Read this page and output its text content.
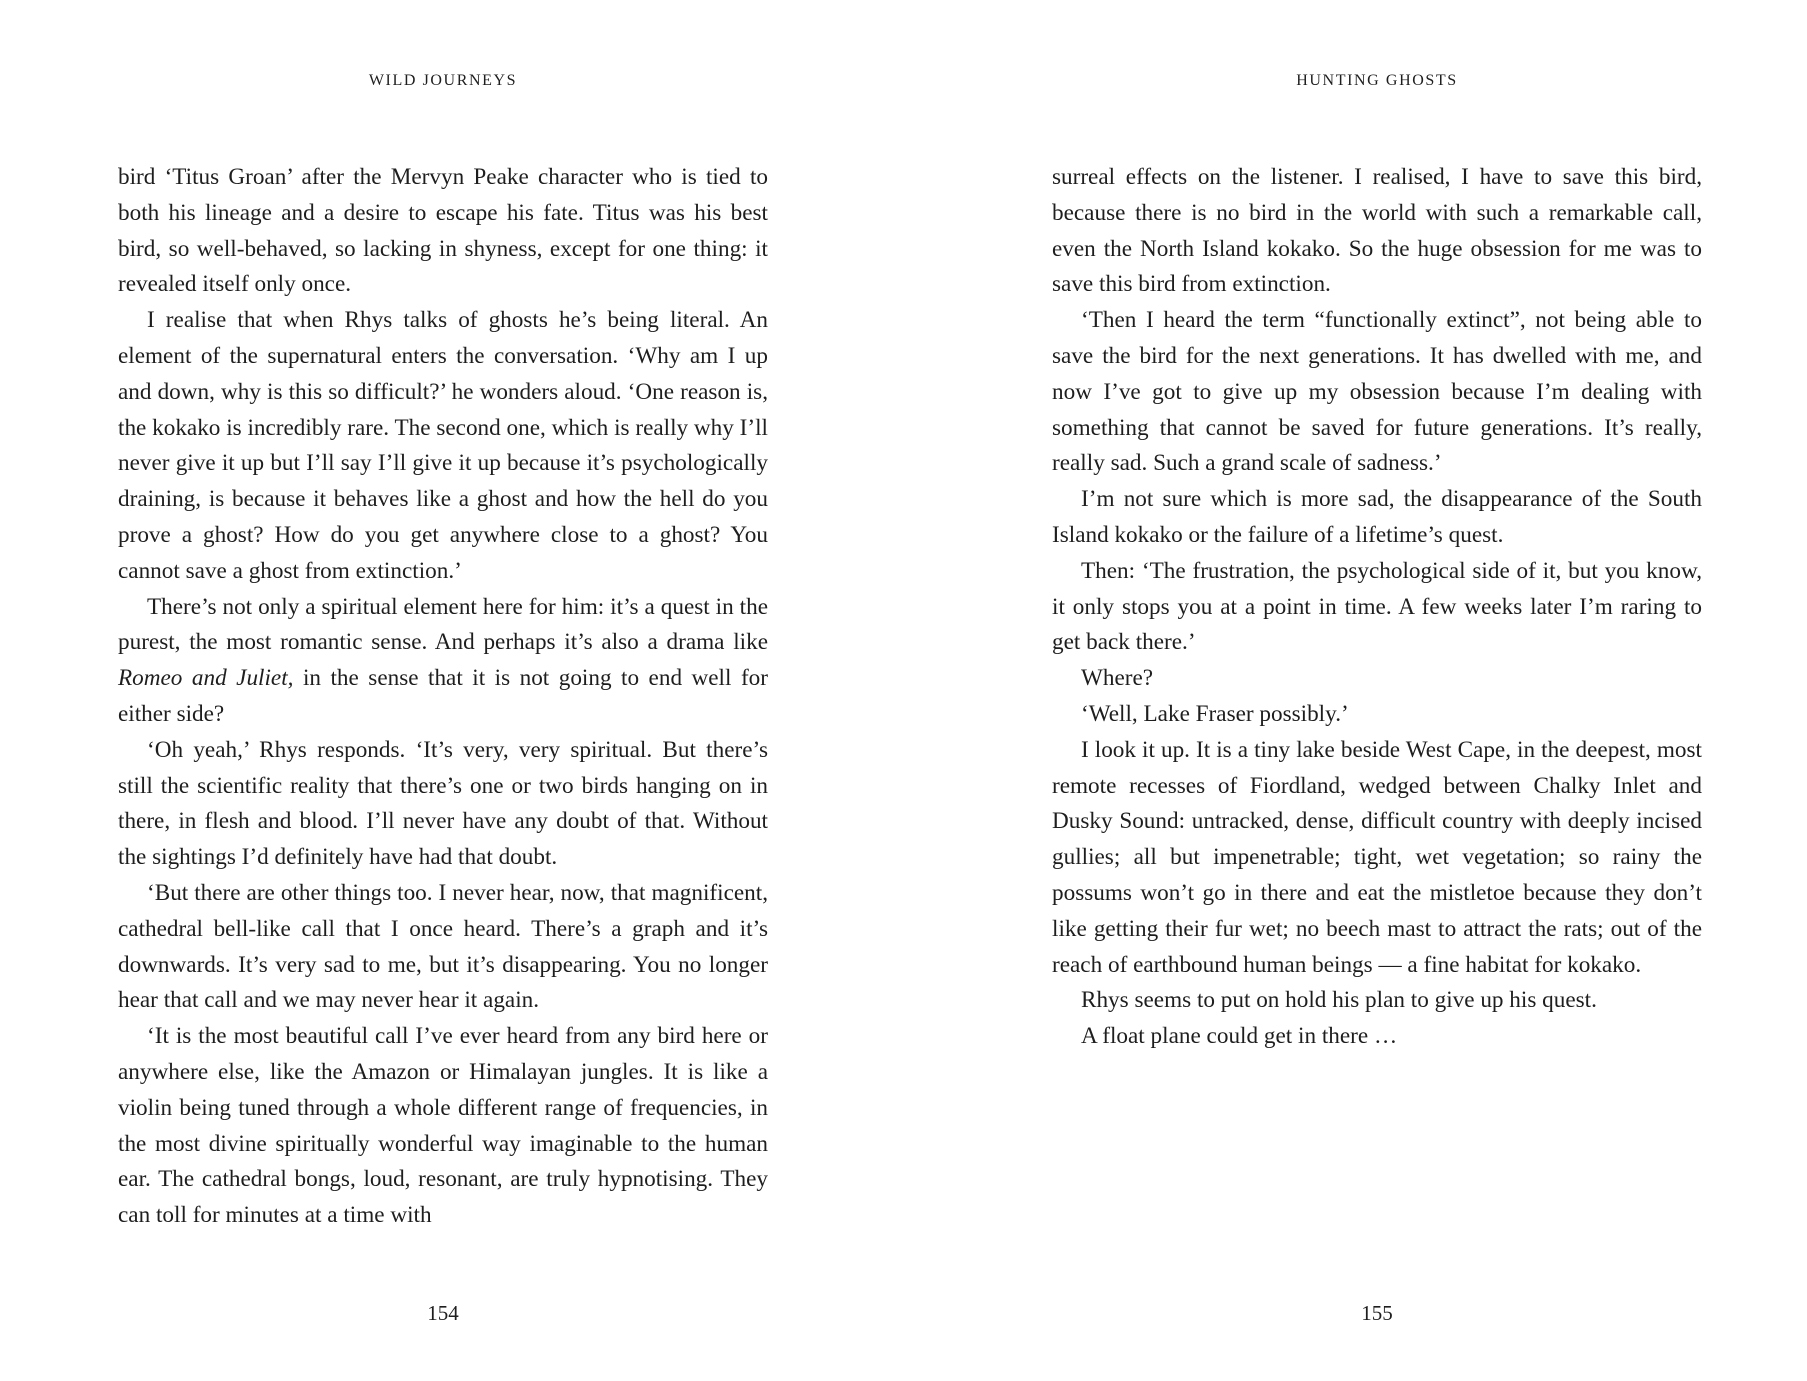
WILD JOURNEYS

bird ‘Titus Groan’ after the Mervyn Peake character who is tied to both his lineage and a desire to escape his fate. Titus was his best bird, so well-behaved, so lacking in shyness, except for one thing: it revealed itself only once.

I realise that when Rhys talks of ghosts he’s being literal. An element of the supernatural enters the conversation. ‘Why am I up and down, why is this so difficult?’ he wonders aloud. ‘One reason is, the kokako is incredibly rare. The second one, which is really why I’ll never give it up but I’ll say I’ll give it up because it’s psychologically draining, is because it behaves like a ghost and how the hell do you prove a ghost? How do you get anywhere close to a ghost? You cannot save a ghost from extinction.’

There’s not only a spiritual element here for him: it’s a quest in the purest, the most romantic sense. And perhaps it’s also a drama like Romeo and Juliet, in the sense that it is not going to end well for either side?

‘Oh yeah,’ Rhys responds. ‘It’s very, very spiritual. But there’s still the scientific reality that there’s one or two birds hanging on in there, in flesh and blood. I’ll never have any doubt of that. Without the sightings I’d definitely have had that doubt.

‘But there are other things too. I never hear, now, that magnificent, cathedral bell-like call that I once heard. There’s a graph and it’s downwards. It’s very sad to me, but it’s disappearing. You no longer hear that call and we may never hear it again.

‘It is the most beautiful call I’ve ever heard from any bird here or anywhere else, like the Amazon or Himalayan jungles. It is like a violin being tuned through a whole different range of frequencies, in the most divine spiritually wonderful way imaginable to the human ear. The cathedral bongs, loud, resonant, are truly hypnotising. They can toll for minutes at a time with

154
HUNTING GHOSTS

surreal effects on the listener. I realised, I have to save this bird, because there is no bird in the world with such a remarkable call, even the North Island kokako. So the huge obsession for me was to save this bird from extinction.

‘Then I heard the term “functionally extinct”, not being able to save the bird for the next generations. It has dwelled with me, and now I’ve got to give up my obsession because I’m dealing with something that cannot be saved for future generations. It’s really, really sad. Such a grand scale of sadness.’

I’m not sure which is more sad, the disappearance of the South Island kokako or the failure of a lifetime’s quest.

Then: ‘The frustration, the psychological side of it, but you know, it only stops you at a point in time. A few weeks later I’m raring to get back there.’

Where?

‘Well, Lake Fraser possibly.’

I look it up. It is a tiny lake beside West Cape, in the deepest, most remote recesses of Fiordland, wedged between Chalky Inlet and Dusky Sound: untracked, dense, difficult country with deeply incised gullies; all but impenetrable; tight, wet vegetation; so rainy the possums won’t go in there and eat the mistletoe because they don’t like getting their fur wet; no beech mast to attract the rats; out of the reach of earthbound human beings — a fine habitat for kokako.

Rhys seems to put on hold his plan to give up his quest.

A float plane could get in there …

155
